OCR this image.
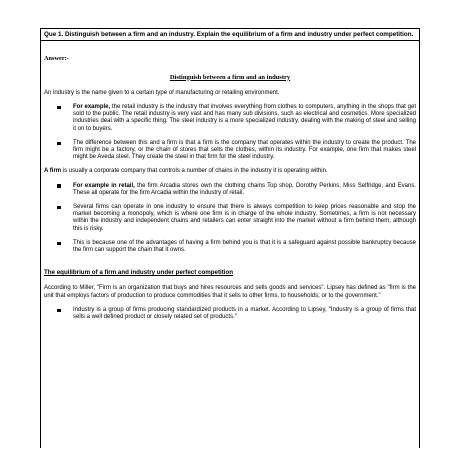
Que 1. Distinguish between a firm and an industry. Explain the equilibrium of a firm and industry under perfect competition.

Answer:-
Distinguish between a firm and an industry

An industry is the name given to a certain type of manufacturing or retailing environment.

For example, the retail industry is the industry that involves everything from clothes to computers, anything in the shops that get sold to the public. The retail industry is very vast and has many sub divisions, such as electrical and cosmetics. More specialized industries deal with a specific thing. The steel industry is a more specialized industry, dealing with the making of steel and selling it on to buyers.
The difference between this and a firm is that a firm is the company that operates within the industry to create the product. The firm might be a factory, or the chain of stores that sells the clothes, within its industry. For example, one firm that makes steel might be Aveda steel. They create the steel in that firm for the steel industry.

A firm is usually a corporate company that controls a number of chains in the industry it is operating within.

For example in retail, the firm Arcadia stores own the clothing chains Top shop, Dorothy Perkins, Miss Selfridge, and Evans. These all operate for the firm Arcadia within the industry of retail.
Several firms can operate in one industry to ensure that there is always competition to keep prices reasonable and stop the market becoming a monopoly, which is where one firm is in charge of the whole industry. Sometimes, a firm is not necessary within the industry and independent chains and retailers can enter straight into the market without a firm behind them, although this is risky.
This is because one of the advantages of having a firm behind you is that it is a safeguard against possible bankruptcy because the firm can support the chain that it owns.
The equilibrium of a firm and industry under perfect competition

According to Miller, "Firm is an organization that buys and hires resources and sells goods and services". Lipsey has defined as "firm is the unit that employs factors of production to produce commodities that it sells to other firms, to households, or to the government."

Industry is a group of firms producing standardized products in a market. According to Lipsey, "Industry is a group of firms that sells a well defined product or closely related set of products."
